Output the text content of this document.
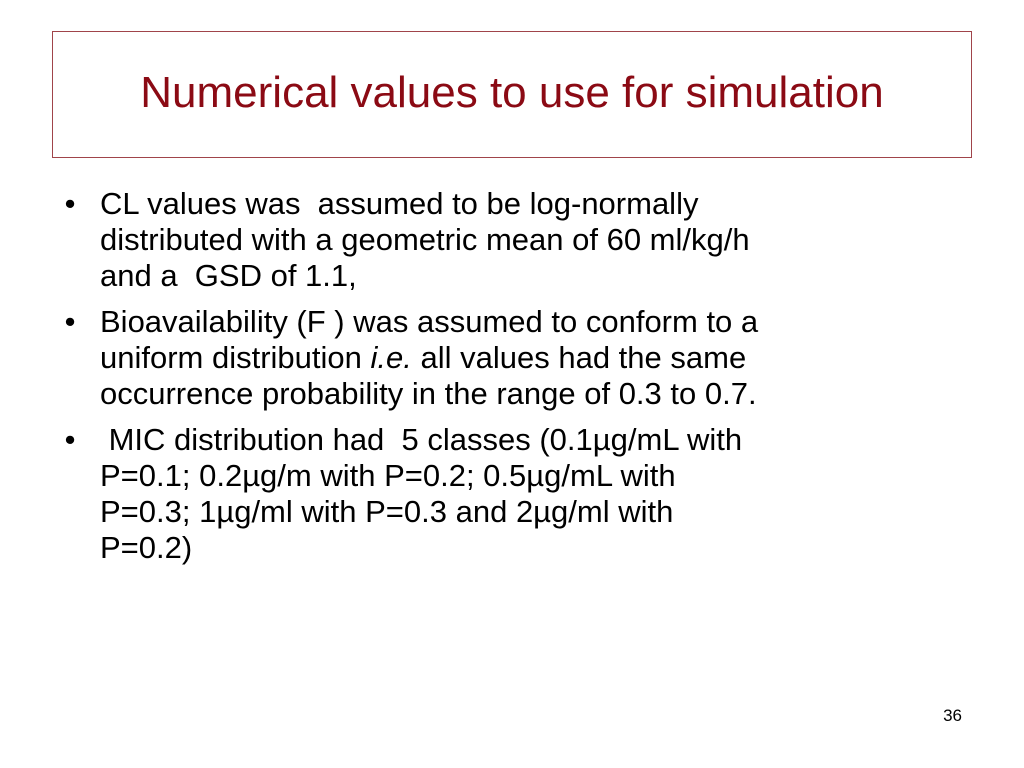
Numerical values to use for simulation
• CL values was  assumed to be log-normally
distributed with a geometric mean of 60 ml/kg/h
and a  GSD of 1.1,
• Bioavailability (F ) was assumed to conform to a
uniform distribution i.e. all values had the same
occurrence probability in the range of 0.3 to 0.7.
• MIC distribution had  5 classes (0.1µg/mL with
P=0.1; 0.2µg/m with P=0.2; 0.5µg/mL with
P=0.3; 1µg/ml with P=0.3 and 2µg/ml with
P=0.2)
36
